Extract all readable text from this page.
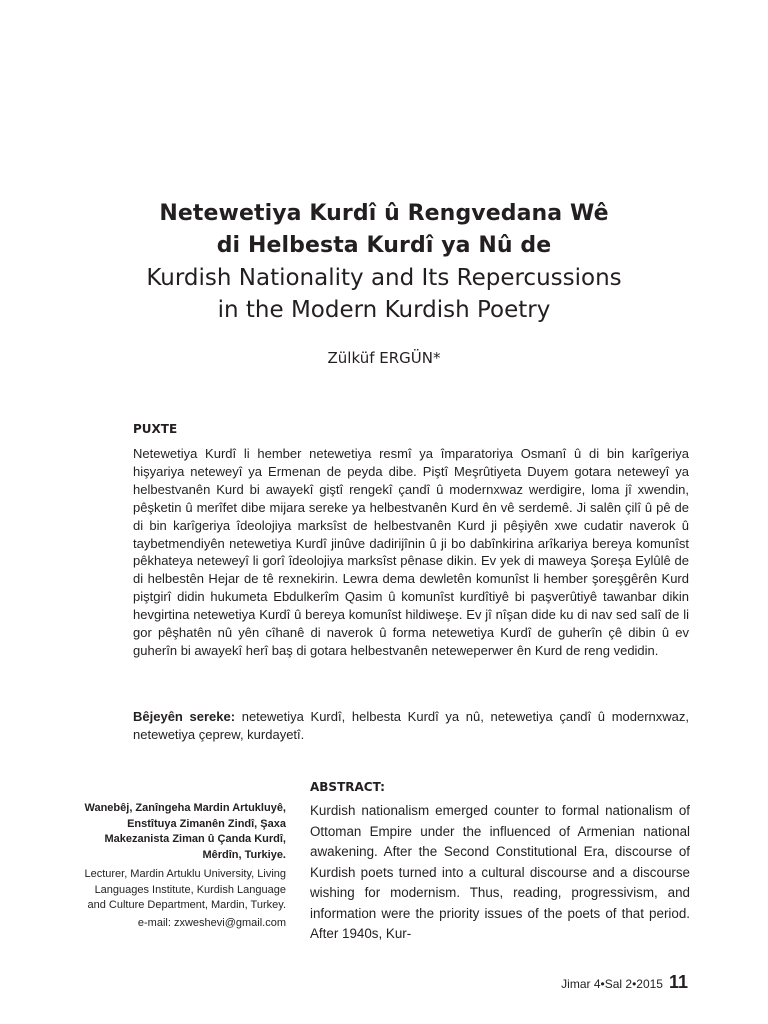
Netewetiya Kurdî û Rengvedana Wê

di Helbesta Kurdî ya Nû de

Kurdish Nationality and Its Repercussions

in the Modern Kurdish Poetry

Zülküf ERGÜN*

PUXTE

Netewetiya Kurdî li hember netewetiya resmî ya împaratoriya Osmanî û di bin karîgeriya hişyariya neteweyî ya Ermenan de peyda dibe. Piştî Meşrûtiyeta Duyem gotara neteweyî ya helbestvanên Kurd bi awayekî giştî rengekî çandî û modernxwaz werdigire, loma jî xwendin, pêşketin û merîfet dibe mijara sereke ya helbestvanên Kurd ên vê serdemê. Ji salên çilî û pê de di bin karîgeriya îdeolojiya marksîst de helbestvanên Kurd ji pêşiyên xwe cudatir naverok û taybetmendiyên netewetiya Kurdî jinûve dadirijînin û ji bo dabînkirina arîkariya bereya komunîst pêkhateya neteweyî li gorî îdeolojiya marksîst pênase dikin. Ev yek di maweya Şoreşa Eylûlê de di helbestên Hejar de tê rexnekirin. Lewra dema dewletên komunîst li hember şoreşgêrên Kurd piştgirî didin hukumeta Ebdulkerîm Qasim û komunîst kurdîtiyê bi paşverûtiyê tawanbar dikin hevgirtina netewetiya Kurdî û bereya komunîst hildiweşe. Ev jî nîşan dide ku di nav sed salî de li gor pêşhatên nû yên cîhanê di naverok û forma netewetiya Kurdî de guherîn çê dibin û ev guherîn bi awayekî herî baş di gotara helbestvanên neteweperwer ên Kurd de reng vedidin.

Bêjeyên sereke: netewetiya Kurdî, helbesta Kurdî ya nû, netewetiya çandî û modernxwaz, netewetiya çeprew, kurdayetî.

Wanebêj, Zanîngeha Mardin Artukluyê, Enstîtuya Zimanên Zindî, Şaxa Makezanista Ziman û Çanda Kurdî, Mêrdîn, Turkiye.

Lecturer, Mardin Artuklu University, Living Languages Institute, Kurdish Language and Culture Department, Mardin, Turkey.

e-mail: zxweshevi@gmail.com

ABSTRACT:

Kurdish nationalism emerged counter to formal nationalism of Ottoman Empire under the influenced of Armenian national awakening. After the Second Constitutional Era, discourse of Kurdish poets turned into a cultural discourse and a discourse wishing for modernism. Thus, reading, progressivism, and information were the priority issues of the poets of that period. After 1940s, Kur-

Jimar 4•Sal 2•2015 11
